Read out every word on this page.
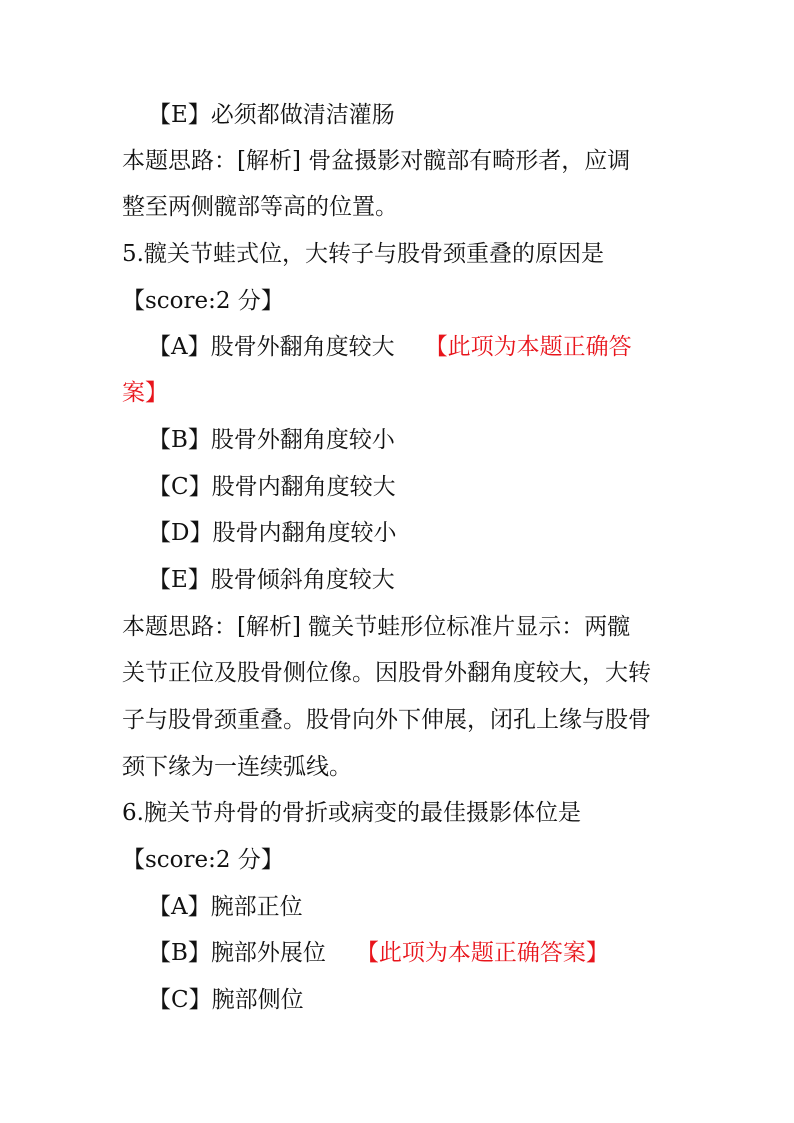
【E】必须都做清洁灌肠
本题思路：[解析] 骨盆摄影对髋部有畸形者，应调
整至两侧髋部等高的位置。
5.髋关节蛙式位，大转子与股骨颈重叠的原因是
【score:2 分】
【A】股骨外翻角度较大 【此项为本题正确答
案】
【B】股骨外翻角度较小
【C】股骨内翻角度较大
【D】股骨内翻角度较小
【E】股骨倾斜角度较大
本题思路：[解析] 髋关节蛙形位标准片显示：两髋
关节正位及股骨侧位像。因股骨外翻角度较大，大转
子与股骨颈重叠。股骨向外下伸展，闭孔上缘与股骨
颈下缘为一连续弧线。
6.腕关节舟骨的骨折或病变的最佳摄影体位是
【score:2 分】
【A】腕部正位
【B】腕部外展位 【此项为本题正确答案】
【C】腕部侧位
